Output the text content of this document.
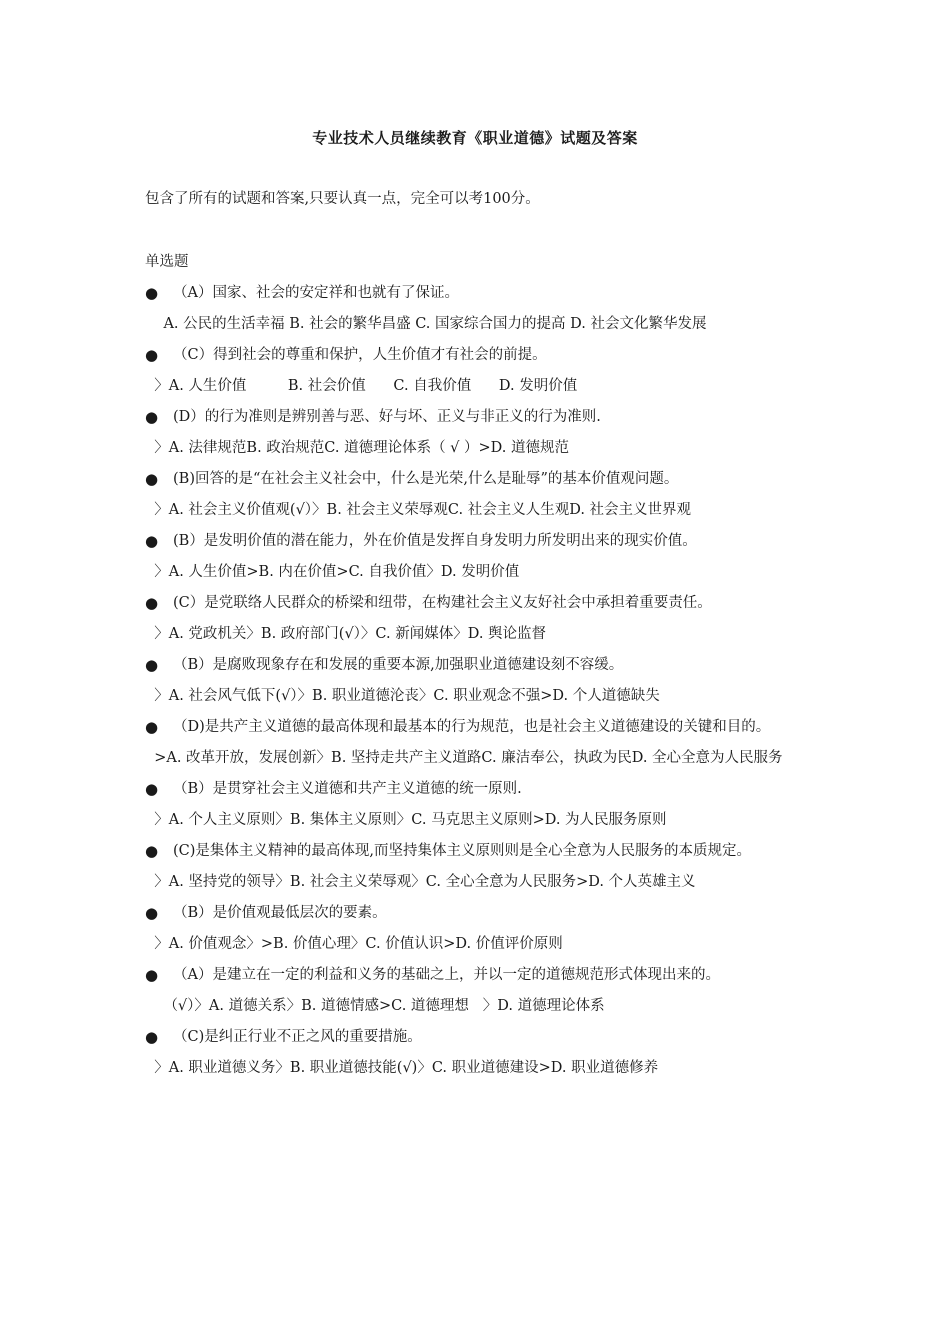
专业技术人员继续教育《职业道德》试题及答案
包含了所有的试题和答案,只要认真一点，完全可以考100分。
单选题
● （A）国家、社会的安定祥和也就有了保证。
A. 公民的生活幸福 B. 社会的繁华昌盛 C. 国家综合国力的提高 D. 社会文化繁华发展
● （C）得到社会的尊重和保护，人生价值才有社会的前提。
〉A. 人生价值         B. 社会价值      C. 自我价值      D. 发明价值
● (D）的行为准则是辨别善与恶、好与坏、正义与非正义的行为准则.
〉A. 法律规范B. 政治规范C. 道德理论体系（ √ ）>D. 道德规范
● (B)回答的是“在社会主义社会中，什么是光荣,什么是耻辱”的基本价值观问题。
〉A. 社会主义价值观(√）〉B. 社会主义荣辱观C. 社会主义人生观D. 社会主义世界观
● (B）是发明价值的潜在能力，外在价值是发挥自身发明力所发明出来的现实价值。
〉A. 人生价值>B. 内在价值>C. 自我价值〉D. 发明价值
● (C）是党联络人民群众的桥梁和纽带，在构建社会主义友好社会中承担着重要责任。
〉A. 党政机关〉B. 政府部门(√）〉C. 新闻媒体〉D. 舆论监督
● （B）是腐败现象存在和发展的重要本源,加强职业道德建设刻不容缓。
〉A. 社会风气低下(√）〉B. 职业道德沦丧〉C. 职业观念不强>D. 个人道德缺失
● （D)是共产主义道德的最高体现和最基本的行为规范，也是社会主义道德建设的关键和目的。
>A. 改革开放，发展创新〉B. 坚持走共产主义道路C. 廉洁奉公，执政为民D. 全心全意为人民服务
● （B）是贯穿社会主义道德和共产主义道德的统一原则.
〉A. 个人主义原则〉B. 集体主义原则〉C. 马克思主义原则>D. 为人民服务原则
● (C)是集体主义精神的最高体现,而坚持集体主义原则则是全心全意为人民服务的本质规定。
〉A. 坚持党的领导〉B. 社会主义荣辱观〉C. 全心全意为人民服务>D. 个人英雄主义
● （B）是价值观最低层次的要素。
〉A. 价值观念〉>B. 价值心理〉C. 价值认识>D. 价值评价原则
● （A）是建立在一定的利益和义务的基础之上，并以一定的道德规范形式体现出来的。
（√）〉A. 道德关系〉B. 道德情感>C. 道德理想   〉D. 道德理论体系
● （C)是纠正行业不正之风的重要措施。
〉A. 职业道德义务〉B. 职业道德技能(√)〉C. 职业道德建设>D. 职业道德修养
